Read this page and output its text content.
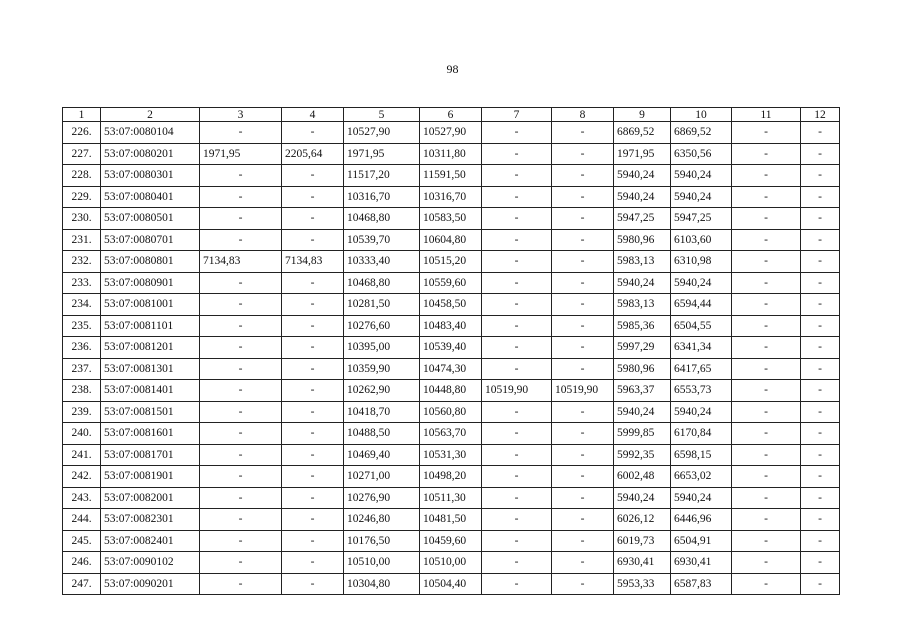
98
1	2	3	4	5	6	7	8	9	10	11	12
226.	53:07:0080104	-	-	10527,90	10527,90	-	-	6869,52	6869,52	-	-
227.	53:07:0080201	1971,95	2205,64	1971,95	10311,80	-	-	1971,95	6350,56	-	-
228.	53:07:0080301	-	-	11517,20	11591,50	-	-	5940,24	5940,24	-	-
229.	53:07:0080401	-	-	10316,70	10316,70	-	-	5940,24	5940,24	-	-
230.	53:07:0080501	-	-	10468,80	10583,50	-	-	5947,25	5947,25	-	-
231.	53:07:0080701	-	-	10539,70	10604,80	-	-	5980,96	6103,60	-	-
232.	53:07:0080801	7134,83	7134,83	10333,40	10515,20	-	-	5983,13	6310,98	-	-
233.	53:07:0080901	-	-	10468,80	10559,60	-	-	5940,24	5940,24	-	-
234.	53:07:0081001	-	-	10281,50	10458,50	-	-	5983,13	6594,44	-	-
235.	53:07:0081101	-	-	10276,60	10483,40	-	-	5985,36	6504,55	-	-
236.	53:07:0081201	-	-	10395,00	10539,40	-	-	5997,29	6341,34	-	-
237.	53:07:0081301	-	-	10359,90	10474,30	-	-	5980,96	6417,65	-	-
238.	53:07:0081401	-	-	10262,90	10448,80	10519,90	10519,90	5963,37	6553,73	-	-
239.	53:07:0081501	-	-	10418,70	10560,80	-	-	5940,24	5940,24	-	-
240.	53:07:0081601	-	-	10488,50	10563,70	-	-	5999,85	6170,84	-	-
241.	53:07:0081701	-	-	10469,40	10531,30	-	-	5992,35	6598,15	-	-
242.	53:07:0081901	-	-	10271,00	10498,20	-	-	6002,48	6653,02	-	-
243.	53:07:0082001	-	-	10276,90	10511,30	-	-	5940,24	5940,24	-	-
244.	53:07:0082301	-	-	10246,80	10481,50	-	-	6026,12	6446,96	-	-
245.	53:07:0082401	-	-	10176,50	10459,60	-	-	6019,73	6504,91	-	-
246.	53:07:0090102	-	-	10510,00	10510,00	-	-	6930,41	6930,41	-	-
247.	53:07:0090201	-	-	10304,80	10504,40	-	-	5953,33	6587,83	-	-
